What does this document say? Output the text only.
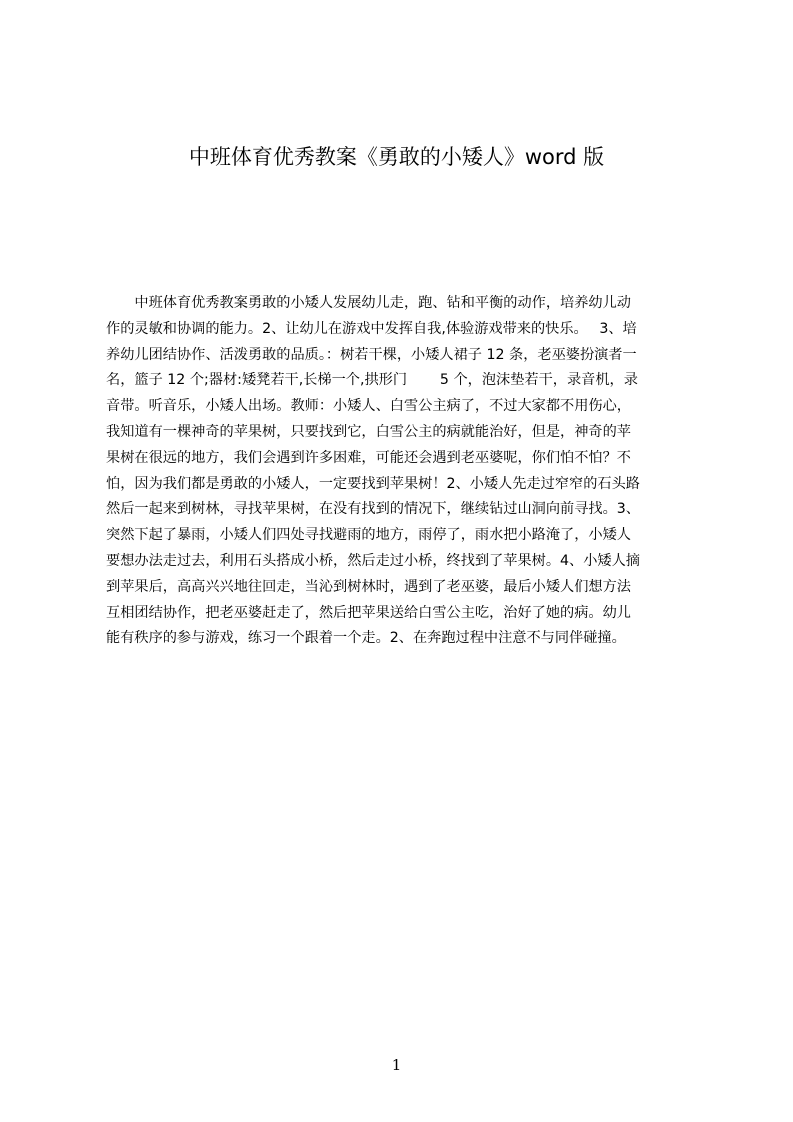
中班体育优秀教案《勇敢的小矮人》word 版
　　中班体育优秀教案勇敢的小矮人发展幼儿走，跑、钻和平衡的动作，培养幼儿动
作的灵敏和协调的能力。2、让幼儿在游戏中发挥自我,体验游戏带来的快乐。　 3、培
养幼儿团结协作、活泼勇敢的品质。：树若干棵，小矮人裙子 12 条，老巫婆扮演者一
名，篮子 12 个;器材:矮凳若干,长梯一个,拱形门　　 5 个，泡沫垫若干，录音机，录
音带。听音乐，小矮人出场。教师：小矮人、白雪公主病了，不过大家都不用伤心，
我知道有一棵神奇的苹果树，只要找到它，白雪公主的病就能治好，但是，神奇的苹
果树在很远的地方，我们会遇到许多困难，可能还会遇到老巫婆呢，你们怕不怕？不
怕，因为我们都是勇敢的小矮人，一定要找到苹果树！2、小矮人先走过窄窄的石头路
然后一起来到树林，寻找苹果树，在没有找到的情况下，继续钻过山洞向前寻找。3、
突然下起了暴雨，小矮人们四处寻找避雨的地方，雨停了，雨水把小路淹了，小矮人
要想办法走过去，利用石头搭成小桥，然后走过小桥，终找到了苹果树。4、小矮人摘
到苹果后，高高兴兴地往回走，当沁到树林时，遇到了老巫婆，最后小矮人们想方法
互相团结协作，把老巫婆赶走了，然后把苹果送给白雪公主吃，治好了她的病。幼儿
能有秩序的参与游戏，练习一个跟着一个走。2、在奔跑过程中注意不与同伴碰撞。
1
